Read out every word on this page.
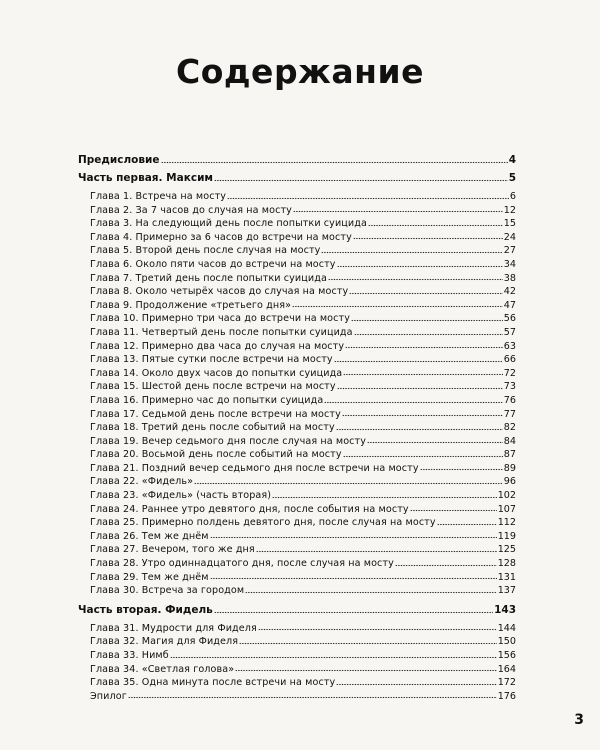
Содержание
Предисловие	4
Часть первая. Максим	5
Глава 1. Встреча на мосту	6
Глава 2. За 7 часов до случая на мосту	12
Глава 3. На следующий день после попытки суицида	15
Глава 4. Примерно за 6 часов до встречи на мосту	24
Глава 5. Второй день после случая на мосту	27
Глава 6. Около пяти часов до встречи на мосту	34
Глава 7. Третий день после попытки суицида	38
Глава 8. Около четырёх часов до случая на мосту	42
Глава 9. Продолжение «третьего дня»	47
Глава 10. Примерно три часа до встречи на мосту	56
Глава 11. Четвертый день после попытки суицида	57
Глава 12. Примерно два часа до случая на мосту	63
Глава 13. Пятые сутки после встречи на мосту	66
Глава 14. Около двух часов до попытки суицида	72
Глава 15. Шестой день после встречи на мосту	73
Глава 16. Примерно час до попытки суицида	76
Глава 17. Седьмой день после встречи на мосту	77
Глава 18. Третий день после событий на мосту	82
Глава 19. Вечер седьмого дня после случая на мосту	84
Глава 20. Восьмой день после событий на мосту	87
Глава 21. Поздний вечер седьмого дня после встречи на мосту	89
Глава 22. «Фидель»	96
Глава 23. «Фидель» (часть вторая)	102
Глава 24. Раннее утро девятого дня, после события на мосту	107
Глава 25. Примерно полдень девятого дня, после случая на мосту	112
Глава 26. Тем же днём	119
Глава 27. Вечером, того же дня	125
Глава 28. Утро одиннадцатого дня, после случая на мосту	128
Глава 29. Тем же днём	131
Глава 30. Встреча за городом	137
Часть вторая. Фидель	143
Глава 31. Мудрости для Фиделя	144
Глава 32. Магия для Фиделя	150
Глава 33. Нимб	156
Глава 34. «Светлая голова»	164
Глава 35. Одна минута после встречи на мосту	172
Эпилог	176
3
